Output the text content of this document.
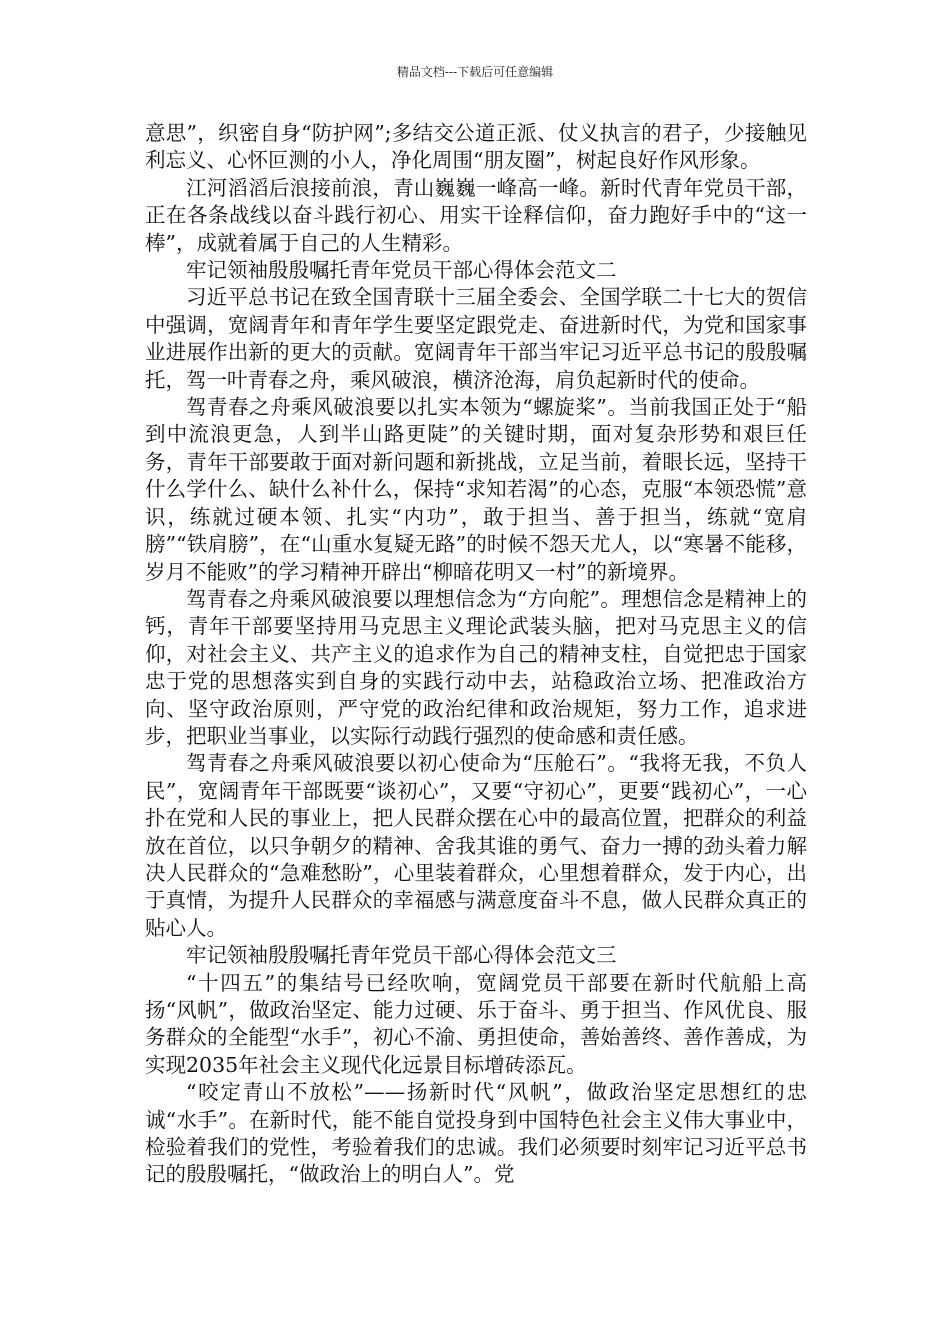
精品文档---下载后可任意编辑

意思”，织密自身“防护网”;多结交公道正派、仗义执言的君子，少接触见利忘义、心怀叵测的小人，净化周围“朋友圈”，树起良好作风形象。

江河滔滔后浪接前浪，青山巍巍一峰高一峰。新时代青年党员干部，正在各条战线以奋斗践行初心、用实干诠释信仰，奋力跑好手中的“这一棒”，成就着属于自己的人生精彩。

牢记领袖殷殷嘱托青年党员干部心得体会范文二

习近平总书记在致全国青联十三届全委会、全国学联二十七大的贺信中强调，宽阔青年和青年学生要坚定跟党走、奋进新时代，为党和国家事业进展作出新的更大的贡献。宽阔青年干部当牢记习近平总书记的殷殷嘱托，驾一叶青春之舟，乘风破浪，横济沧海，肩负起新时代的使命。

驾青春之舟乘风破浪要以扎实本领为“螺旋桨”。当前我国正处于“船到中流浪更急，人到半山路更陡”的关键时期，面对复杂形势和艰巨任务，青年干部要敢于面对新问题和新挑战，立足当前，着眼长远，坚持干什么学什么、缺什么补什么，保持“求知若渴”的心态，克服“本领恐慌”意识，练就过硬本领、扎实“内功”，敢于担当、善于担当，练就“宽肩膀”“铁肩膀”，在“山重水复疑无路”的时候不怨天尤人，以“寒暑不能移，岁月不能败”的学习精神开辟出“柳暗花明又一村”的新境界。

驾青春之舟乘风破浪要以理想信念为“方向舵”。理想信念是精神上的钙，青年干部要坚持用马克思主义理论武装头脑，把对马克思主义的信仰，对社会主义、共产主义的追求作为自己的精神支柱，自觉把忠于国家忠于党的思想落实到自身的实践行动中去，站稳政治立场、把准政治方向、坚守政治原则，严守党的政治纪律和政治规矩，努力工作，追求进步，把职业当事业，以实际行动践行强烈的使命感和责任感。

驾青春之舟乘风破浪要以初心使命为“压舱石”。“我将无我，不负人民”，宽阔青年干部既要“谈初心”，又要“守初心”，更要“践初心”，一心扑在党和人民的事业上，把人民群众摆在心中的最高位置，把群众的利益放在首位，以只争朝夕的精神、舍我其谁的勇气、奋力一搏的劲头着力解决人民群众的“急难愁盼”，心里装着群众，心里想着群众，发于内心，出于真情，为提升人民群众的幸福感与满意度奋斗不息，做人民群众真正的贴心人。

牢记领袖殷殷嘱托青年党员干部心得体会范文三

“十四五”的集结号已经吹响，宽阔党员干部要在新时代航船上高扬“风帆”，做政治坚定、能力过硬、乐于奋斗、勇于担当、作风优良、服务群众的全能型“水手”，初心不渝、勇担使命，善始善终、善作善成，为实现2035年社会主义现代化远景目标增砖添瓦。

“咬定青山不放松”——扬新时代“风帆”，做政治坚定思想红的忠诚“水手”。在新时代，能不能自觉投身到中国特色社会主义伟大事业中，检验着我们的党性，考验着我们的忠诚。我们必须要时刻牢记习近平总书记的殷殷嘱托，“做政治上的明白人”。党
